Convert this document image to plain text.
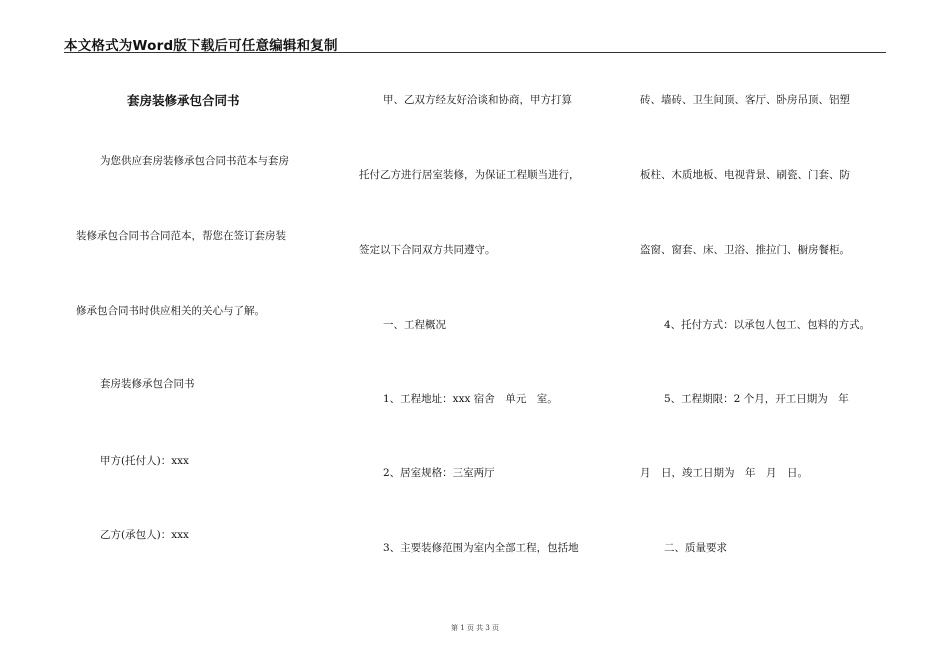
本文格式为Word版下载后可任意编辑和复制
套房装修承包合同书
为您供应套房装修承包合同书范本与套房
装修承包合同书合同范本，帮您在签订套房装
修承包合同书时供应相关的关心与了解。
套房装修承包合同书
甲方(托付人)：xxx
乙方(承包人)：xxx
甲、乙双方经友好洽谈和协商，甲方打算
托付乙方进行居室装修，为保证工程顺当进行，
签定以下合同双方共同遵守。
一、工程概况
1、工程地址：xxx 宿舍　单元　室。
2、居室规格：三室两厅
3、主要装修范围为室内全部工程，包括地
砖、墙砖、卫生间顶、客厅、卧房吊顶、铝塑
板柱、木质地板、电视背景、刷瓷、门套、防
盗窗、窗套、床、卫浴、推拉门、橱房餐柜。
4、托付方式：以承包人包工、包料的方式。
5、工程期限：2 个月，开工日期为　年
月　日，竣工日期为　年　月　日。
二、质量要求
第 1 页 共 3 页
